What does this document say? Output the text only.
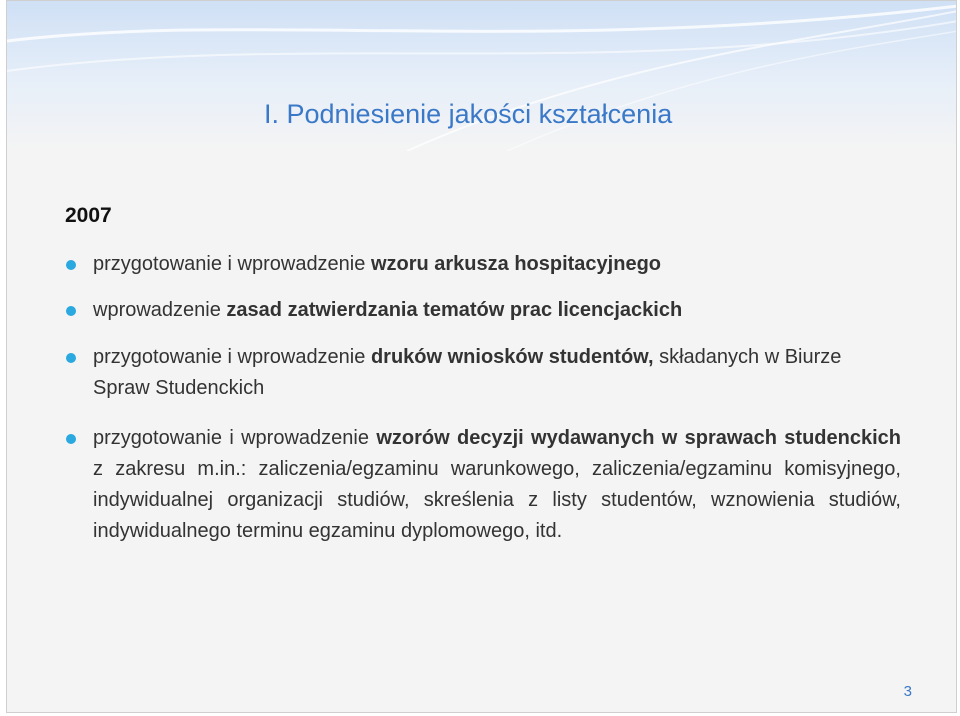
I. Podniesienie jakości kształcenia
2007
przygotowanie i wprowadzenie wzoru arkusza hospitacyjnego
wprowadzenie zasad zatwierdzania tematów prac licencjackich
przygotowanie i wprowadzenie druków wniosków studentów, składanych w Biurze Spraw Studenckich
przygotowanie i wprowadzenie wzorów decyzji wydawanych w sprawach studenckich z zakresu m.in.: zaliczenia/egzaminu warunkowego, zaliczenia/egzaminu komisyjnego, indywidualnej organizacji studiów, skreślenia z listy studentów, wznowienia studiów, indywidualnego terminu egzaminu dyplomowego, itd.
3
